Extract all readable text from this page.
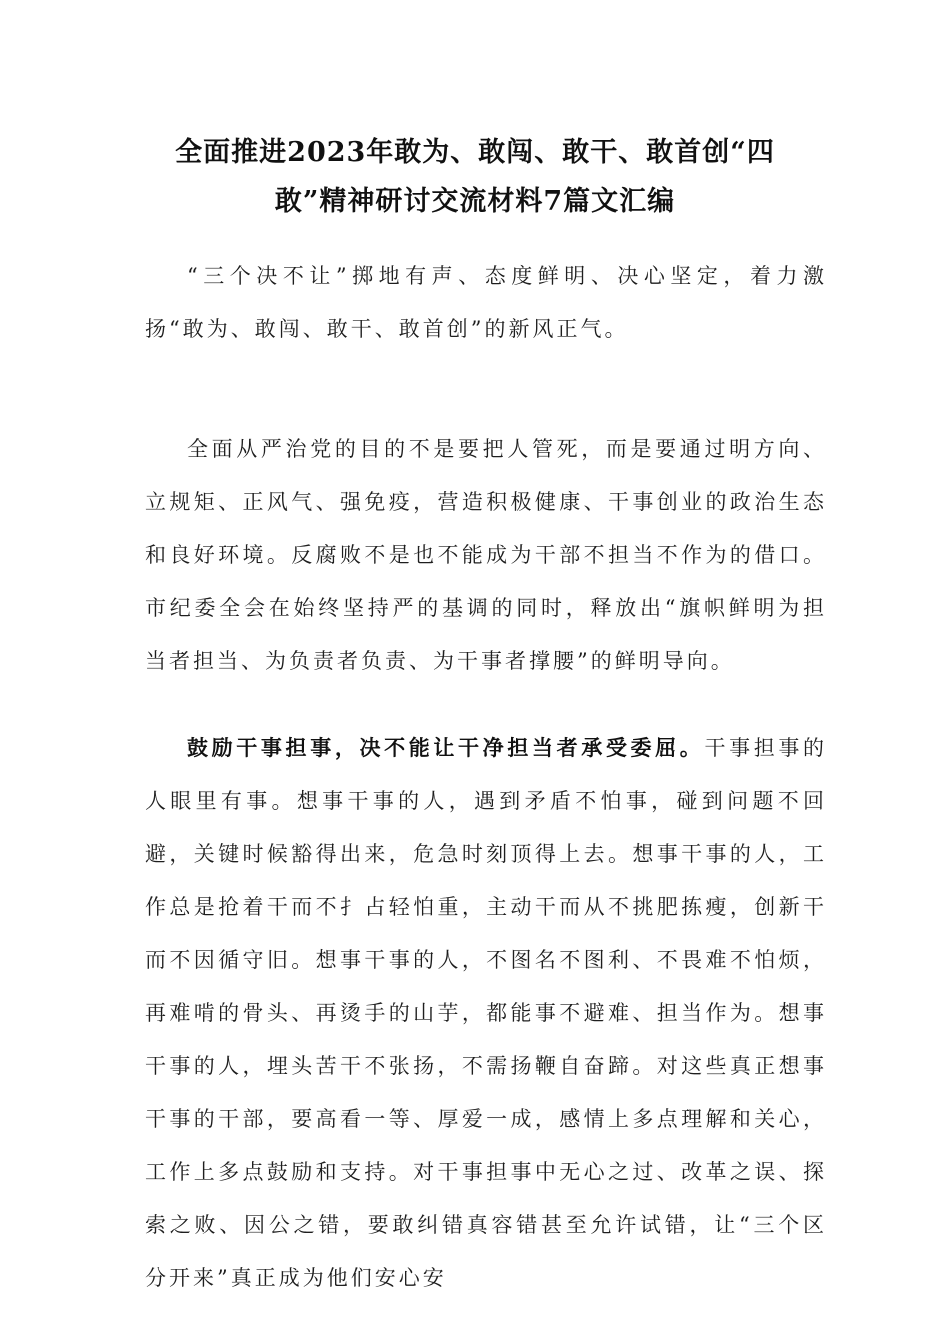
全面推进2023年敢为、敢闯、敢干、敢首创“四
敢”精神研讨交流材料7篇文汇编

“三个决不让”掷地有声、态度鲜明、决心坚定，着力激扬“敢为、敢闯、敢干、敢首创”的新风正气。

全面从严治党的目的不是要把人管死，而是要通过明方向、立规矩、正风气、强免疫，营造积极健康、干事创业的政治生态和良好环境。反腐败不是也不能成为干部不担当不作为的借口。市纪委全会在始终坚持严的基调的同时，释放出“旗帜鲜明为担当者担当、为负责者负责、为干事者撑腰”的鲜明导向。

鼓励干事担事，决不能让干净担当者承受委屈。干事担事的人眼里有事。想事干事的人，遇到矛盾不怕事，碰到问题不回避，关键时候豁得出来，危急时刻顶得上去。想事干事的人，工作总是抢着干而不扌占轻怕重，主动干而从不挑肥拣瘦，创新干而不因循守旧。想事干事的人，不图名不图利、不畏难不怕烦，再难啃的骨头、再烫手的山芋，都能事不避难、担当作为。想事干事的人，埋头苦干不张扬，不需扬鞭自奋蹄。对这些真正想事干事的干部，要高看一等、厚爱一成，感情上多点理解和关心，工作上多点鼓励和支持。对干事担事中无心之过、改革之误、探索之败、因公之错，要敢纠错真容错甚至允许试错，让“三个区分开来”真正成为他们安心安
